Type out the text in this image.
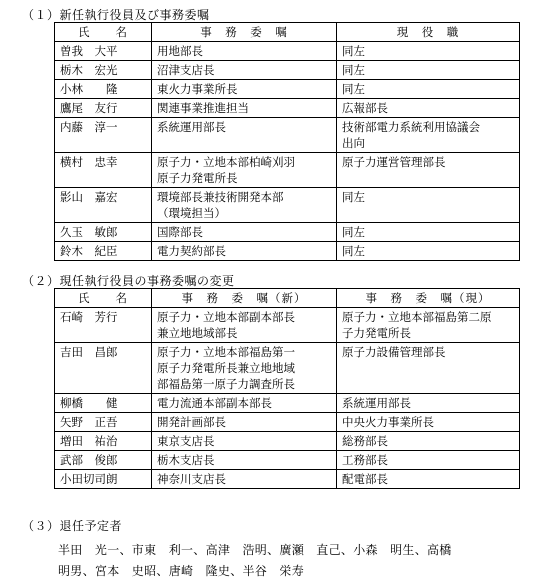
（１）新任執行役員及び事務委嘱
氏　　名	事　務　委　嘱	現　役　職
曽我　大平	用地部長	同左

栃木　宏光	沼津支店長	同左

小林　　隆	東火力事業所長	同左

鷹尾　友行	関連事業推進担当	広報部長

内藤　淳一	系統運用部長	技術部電力系統利用協議会
出向

横村　忠幸	原子力・立地本部柏崎刈羽
原子力発電所長	原子力運営管理部長

影山　嘉宏	環境部長兼技術開発本部
（環境担当）	同左

久玉　敏郎	国際部長	同左

鈴木　紀臣	電力契約部長	同左
（２）現任執行役員の事務委嘱の変更
氏　　名	事　務　委　嘱（新）	事　務　委　嘱（現）
石崎　芳行	原子力・立地本部副本部長
兼立地地域部長	原子力・立地本部福島第二原
子力発電所長

吉田　昌郎	原子力・立地本部福島第一
原子力発電所長兼立地地域
部福島第一原子力調査所長	原子力設備管理部長

柳橋　　健	電力流通本部副本部長	系統運用部長

矢野　正吾	開発計画部長	中央火力事業所長

増田　祐治	東京支店長	総務部長

武部　俊郎	栃木支店長	工務部長

小田切司朗	神奈川支店長	配電部長
（３）退任予定者
半田　光一、市東　利一、高津　浩明、廣瀬　直己、小森　明生、高橋
明男、宮本　史昭、唐崎　隆史、半谷　栄寿
